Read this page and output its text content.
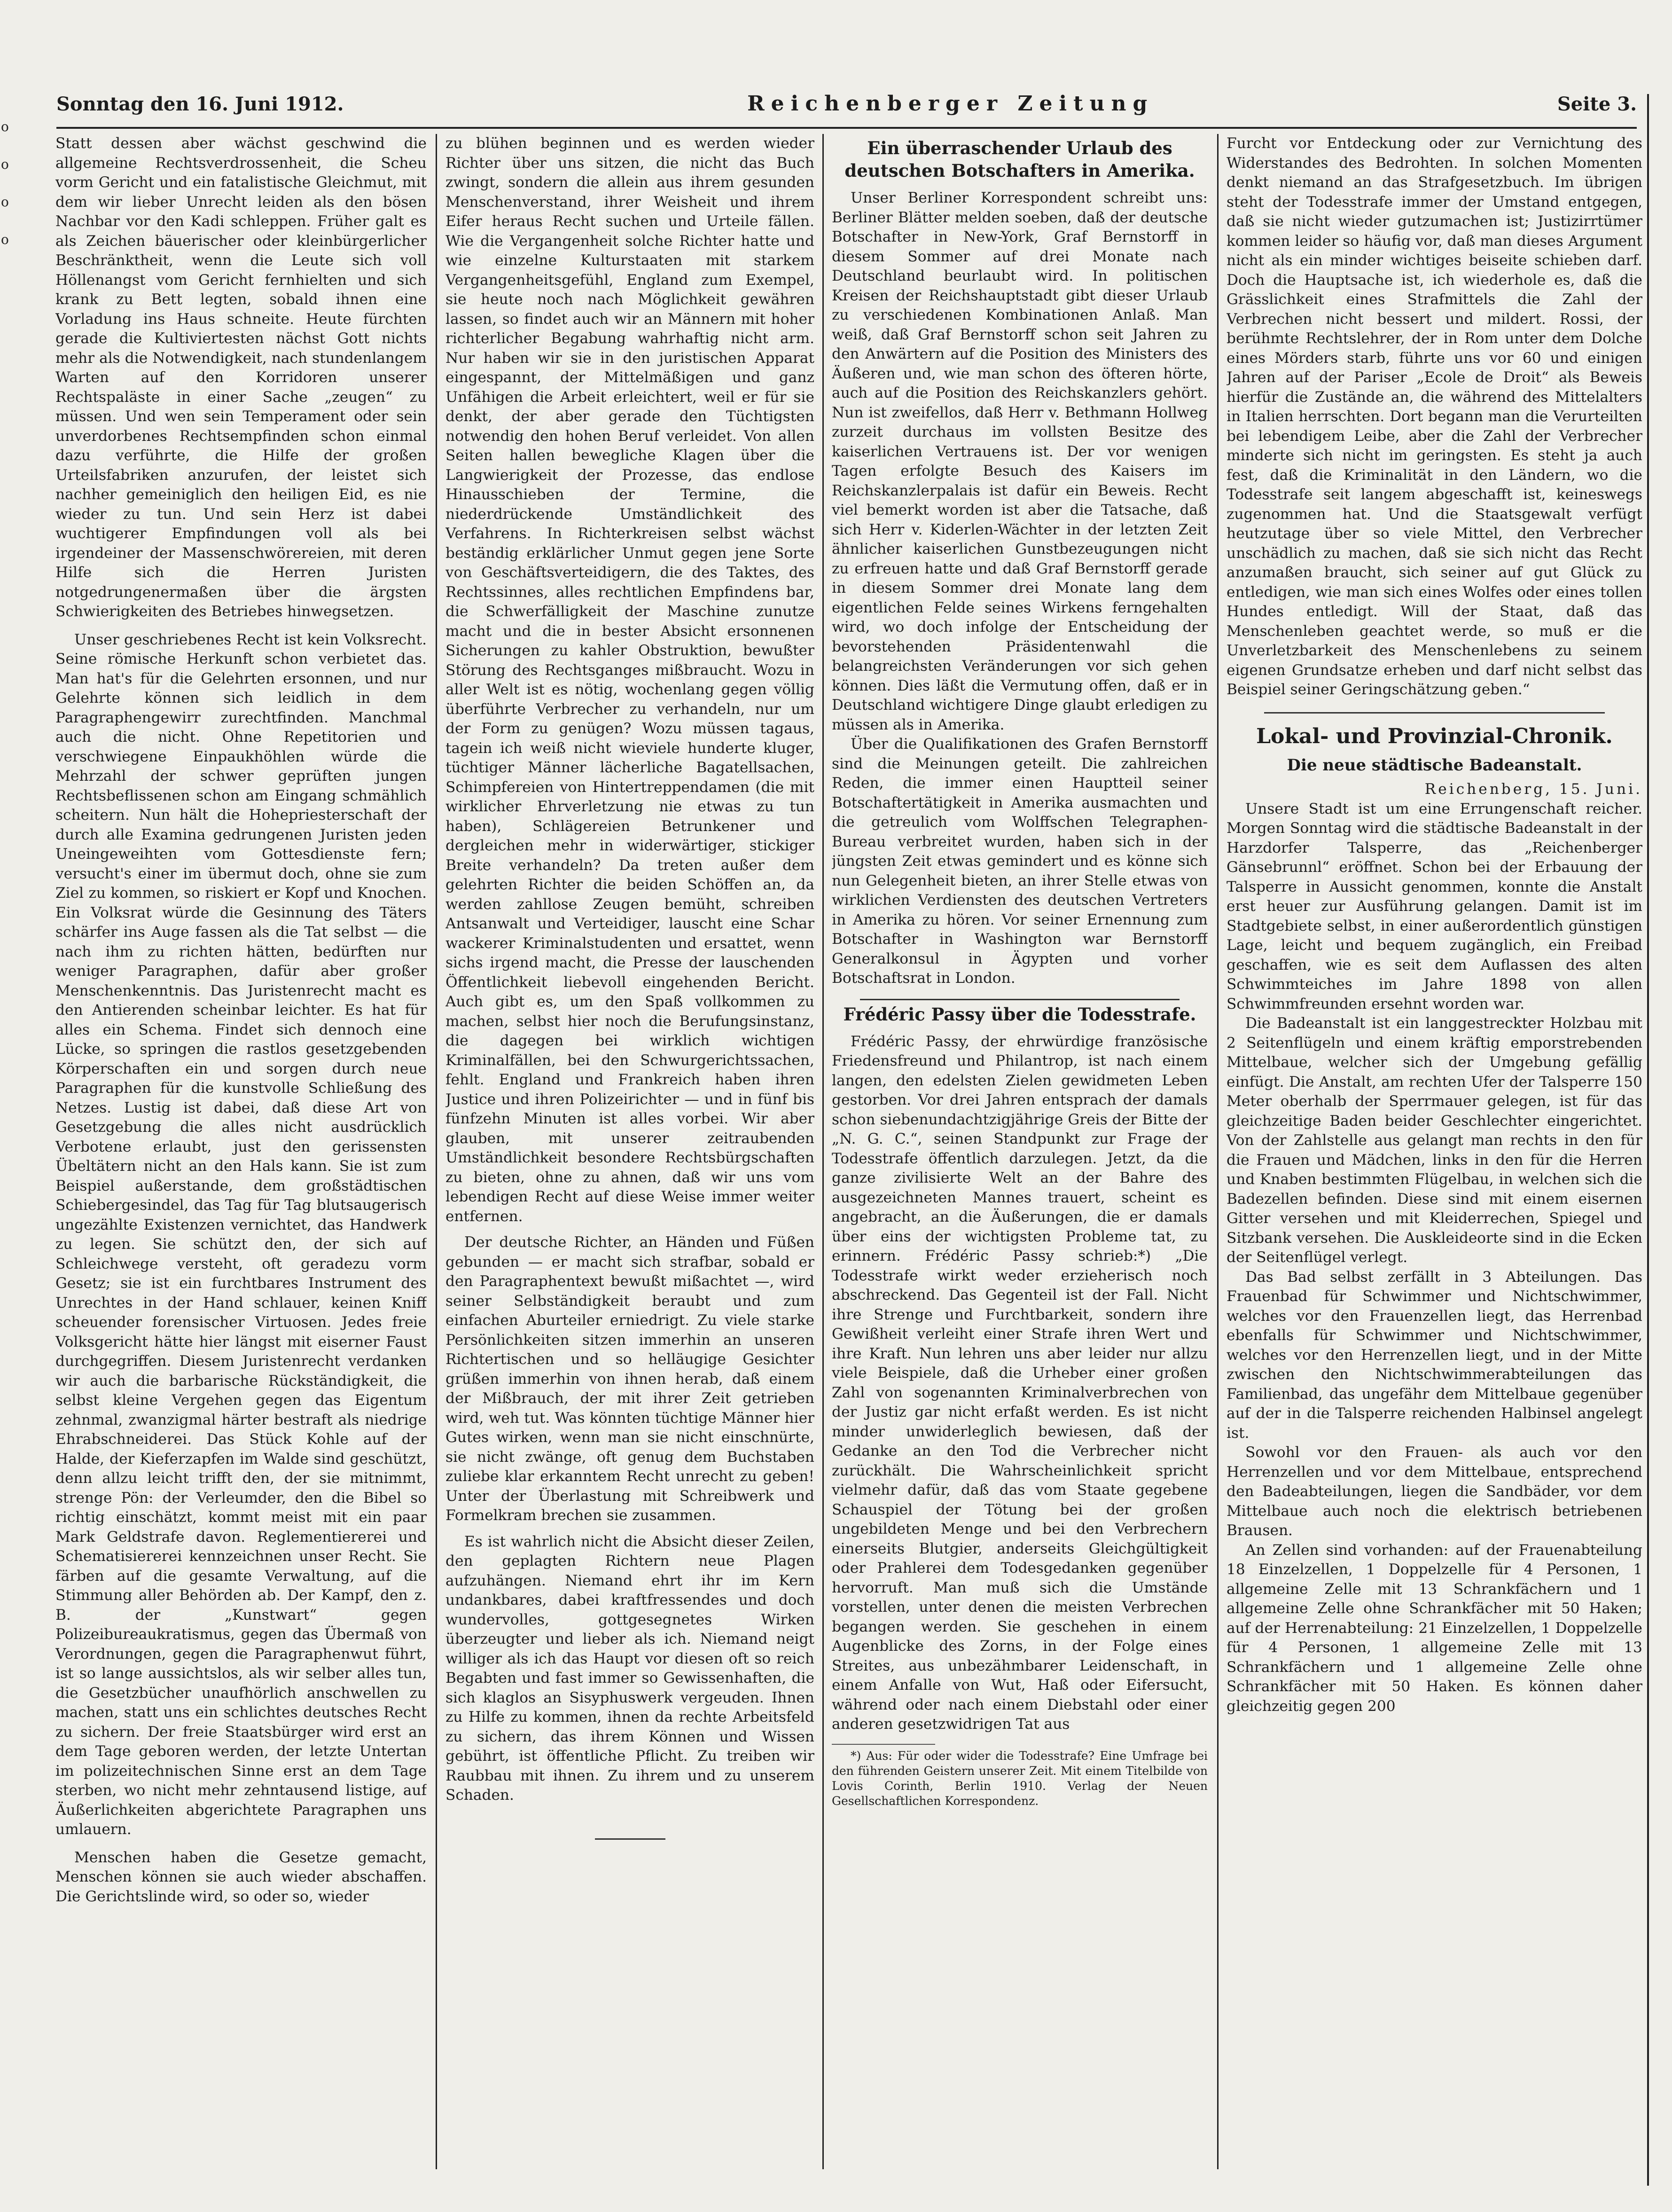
o
o
o
o
Sonntag den 16. Juni 1912.	Reichenberger Zeitung	Seite 3.

Statt dessen aber wächst geschwind die allgemeine Rechtsverdrossenheit, die Scheu vorm Gericht und ein fatalistische Gleichmut, mit dem wir lieber Unrecht leiden als den bösen Nachbar vor den Kadi schleppen. Früher galt es als Zeichen bäuerischer oder kleinbürgerlicher Beschränktheit, wenn die Leute sich voll Höllenangst vom Gericht fernhielten und sich krank zu Bett legten, sobald ihnen eine Vorladung ins Haus schneite. Heute fürchten gerade die Kultiviertesten nächst Gott nichts mehr als die Notwendigkeit, nach stundenlangem Warten auf den Korridoren unserer Rechtspaläste in einer Sache „zeugen“ zu müssen. Und wen sein Temperament oder sein unverdorbenes Rechtsempfinden schon einmal dazu verführte, die Hilfe der großen Urteilsfabriken anzurufen, der leistet sich nachher gemeiniglich den heiligen Eid, es nie wieder zu tun. Und sein Herz ist dabei wuchtigerer Empfindungen voll als bei irgendeiner der Massenschwörereien, mit deren Hilfe sich die Herren Juristen notgedrungenermaßen über die ärgsten Schwierigkeiten des Betriebes hinwegsetzen.

Unser geschriebenes Recht ist kein Volksrecht. Seine römische Herkunft schon verbietet das. Man hat's für die Gelehrten ersonnen, und nur Gelehrte können sich leidlich in dem Paragraphengewirr zurechtfinden. Manchmal auch die nicht. Ohne Repetitorien und verschwiegene Einpaukhöhlen würde die Mehrzahl der schwer geprüften jungen Rechtsbeflissenen schon am Eingang schmählich scheitern. Nun hält die Hohepriesterschaft der durch alle Examina gedrungenen Juristen jeden Uneingeweihten vom Gottesdienste fern; versucht's einer im übermut doch, ohne sie zum Ziel zu kommen, so riskiert er Kopf und Knochen. Ein Volksrat würde die Gesinnung des Täters schärfer ins Auge fassen als die Tat selbst — die nach ihm zu richten hätten, bedürften nur weniger Paragraphen, dafür aber großer Menschenkenntnis. Das Juristenrecht macht es den Antierenden scheinbar leichter. Es hat für alles ein Schema. Findet sich dennoch eine Lücke, so springen die rastlos gesetzgebenden Körperschaften ein und sorgen durch neue Paragraphen für die kunstvolle Schließung des Netzes. Lustig ist dabei, daß diese Art von Gesetzgebung die alles nicht ausdrücklich Verbotene erlaubt, just den gerissensten Übeltätern nicht an den Hals kann. Sie ist zum Beispiel außerstande, dem großstädtischen Schiebergesindel, das Tag für Tag blutsaugerisch ungezählte Existenzen vernichtet, das Handwerk zu legen. Sie schützt den, der sich auf Schleichwege versteht, oft geradezu vorm Gesetz; sie ist ein furchtbares Instrument des Unrechtes in der Hand schlauer, keinen Kniff scheuender forensischer Virtuosen. Jedes freie Volksgericht hätte hier längst mit eiserner Faust durchgegriffen. Diesem Juristenrecht verdanken wir auch die barbarische Rückständigkeit, die selbst kleine Vergehen gegen das Eigentum zehnmal, zwanzigmal härter bestraft als niedrige Ehrabschneiderei. Das Stück Kohle auf der Halde, der Kieferzapfen im Walde sind geschützt, denn allzu leicht trifft den, der sie mitnimmt, strenge Pön: der Verleumder, den die Bibel so richtig einschätzt, kommt meist mit ein paar Mark Geldstrafe davon. Reglementiererei und Schematisiererei kennzeichnen unser Recht. Sie färben auf die gesamte Verwaltung, auf die Stimmung aller Behörden ab. Der Kampf, den z. B. der „Kunstwart“ gegen Polizeibureaukratismus, gegen das Übermaß von Verordnungen, gegen die Paragraphenwut führt, ist so lange aussichtslos, als wir selber alles tun, die Gesetzbücher unaufhörlich anschwellen zu machen, statt uns ein schlichtes deutsches Recht zu sichern. Der freie Staatsbürger wird erst an dem Tage geboren werden, der letzte Untertan im polizeitechnischen Sinne erst an dem Tage sterben, wo nicht mehr zehntausend listige, auf Äußerlichkeiten abgerichtete Paragraphen uns umlauern.

Menschen haben die Gesetze gemacht, Menschen können sie auch wieder abschaffen. Die Gerichtslinde wird, so oder so, wieder

zu blühen beginnen und es werden wieder Richter über uns sitzen, die nicht das Buch zwingt, sondern die allein aus ihrem gesunden Menschenverstand, ihrer Weisheit und ihrem Eifer heraus Recht suchen und Urteile fällen. Wie die Vergangenheit solche Richter hatte und wie einzelne Kulturstaaten mit starkem Vergangenheitsgefühl, England zum Exempel, sie heute noch nach Möglichkeit gewähren lassen, so findet auch wir an Männern mit hoher richterlicher Begabung wahrhaftig nicht arm. Nur haben wir sie in den juristischen Apparat eingespannt, der Mittelmäßigen und ganz Unfähigen die Arbeit erleichtert, weil er für sie denkt, der aber gerade den Tüchtigsten notwendig den hohen Beruf verleidet. Von allen Seiten hallen bewegliche Klagen über die Langwierigkeit der Prozesse, das endlose Hinausschieben der Termine, die niederdrückende Umständlichkeit des Verfahrens. In Richterkreisen selbst wächst beständig erklärlicher Unmut gegen jene Sorte von Geschäftsverteidigern, die des Taktes, des Rechtssinnes, alles rechtlichen Empfindens bar, die Schwerfälligkeit der Maschine zunutze macht und die in bester Absicht ersonnenen Sicherungen zu kahler Obstruktion, bewußter Störung des Rechtsganges mißbraucht. Wozu in aller Welt ist es nötig, wochenlang gegen völlig überführte Verbrecher zu verhandeln, nur um der Form zu genügen? Wozu müssen tagaus, tagein ich weiß nicht wieviele hunderte kluger, tüchtiger Männer lächerliche Bagatellsachen, Schimpfereien von Hintertreppendamen (die mit wirklicher Ehrverletzung nie etwas zu tun haben), Schlägereien Betrunkener und dergleichen mehr in widerwärtiger, stickiger Breite verhandeln? Da treten außer dem gelehrten Richter die beiden Schöffen an, da werden zahllose Zeugen bemüht, schreiben Antsanwalt und Verteidiger, lauscht eine Schar wackerer Kriminalstudenten und ersattet, wenn sichs irgend macht, die Presse der lauschenden Öffentlichkeit liebevoll eingehenden Bericht. Auch gibt es, um den Spaß vollkommen zu machen, selbst hier noch die Berufungsinstanz, die dagegen bei wirklich wichtigen Kriminalfällen, bei den Schwurgerichtssachen, fehlt. England und Frankreich haben ihren Justice und ihren Polizeirichter — und in fünf bis fünfzehn Minuten ist alles vorbei. Wir aber glauben, mit unserer zeitraubenden Umständlichkeit besondere Rechtsbürgschaften zu bieten, ohne zu ahnen, daß wir uns vom lebendigen Recht auf diese Weise immer weiter entfernen.

Der deutsche Richter, an Händen und Füßen gebunden — er macht sich strafbar, sobald er den Paragraphentext bewußt mißachtet —, wird seiner Selbständigkeit beraubt und zum einfachen Aburteiler erniedrigt. Zu viele starke Persönlichkeiten sitzen immerhin an unseren Richtertischen und so helläugige Gesichter grüßen immerhin von ihnen herab, daß einem der Mißbrauch, der mit ihrer Zeit getrieben wird, weh tut. Was könnten tüchtige Männer hier Gutes wirken, wenn man sie nicht einschnürte, sie nicht zwänge, oft genug dem Buchstaben zuliebe klar erkanntem Recht unrecht zu geben! Unter der Überlastung mit Schreibwerk und Formelkram brechen sie zusammen.

Es ist wahrlich nicht die Absicht dieser Zeilen, den geplagten Richtern neue Plagen aufzuhängen. Niemand ehrt ihr im Kern undankbares, dabei kraftfressendes und doch wundervolles, gottgesegnetes Wirken überzeugter und lieber als ich. Niemand neigt williger als ich das Haupt vor diesen oft so reich Begabten und fast immer so Gewissenhaften, die sich klaglos an Sisyphuswerk vergeuden. Ihnen zu Hilfe zu kommen, ihnen da rechte Arbeitsfeld zu sichern, das ihrem Können und Wissen gebührt, ist öffentliche Pflicht. Zu treiben wir Raubbau mit ihnen. Zu ihrem und zu unserem Schaden.

Ein überraschender Urlaub des deutschen Botschafters in Amerika.

Unser Berliner Korrespondent schreibt uns: Berliner Blätter melden soeben, daß der deutsche Botschafter in New-York, Graf Bernstorff in diesem Sommer auf drei Monate nach Deutschland beurlaubt wird. In politischen Kreisen der Reichshauptstadt gibt dieser Urlaub zu verschiedenen Kombinationen Anlaß. Man weiß, daß Graf Bernstorff schon seit Jahren zu den Anwärtern auf die Position des Ministers des Äußeren und, wie man schon des öfteren hörte, auch auf die Position des Reichskanzlers gehört. Nun ist zweifellos, daß Herr v. Bethmann Hollweg zurzeit durchaus im vollsten Besitze des kaiserlichen Vertrauens ist. Der vor wenigen Tagen erfolgte Besuch des Kaisers im Reichskanzlerpalais ist dafür ein Beweis. Recht viel bemerkt worden ist aber die Tatsache, daß sich Herr v. Kiderlen-Wächter in der letzten Zeit ähnlicher kaiserlichen Gunstbezeugungen nicht zu erfreuen hatte und daß Graf Bernstorff gerade in diesem Sommer drei Monate lang dem eigentlichen Felde seines Wirkens ferngehalten wird, wo doch infolge der Entscheidung der bevorstehenden Präsidentenwahl die belangreichsten Veränderungen vor sich gehen können. Dies läßt die Vermutung offen, daß er in Deutschland wichtigere Dinge glaubt erledigen zu müssen als in Amerika.

Über die Qualifikationen des Grafen Bernstorff sind die Meinungen geteilt. Die zahlreichen Reden, die immer einen Hauptteil seiner Botschaftertätigkeit in Amerika ausmachten und die getreulich vom Wolffschen Telegraphen-Bureau verbreitet wurden, haben sich in der jüngsten Zeit etwas gemindert und es könne sich nun Gelegenheit bieten, an ihrer Stelle etwas von wirklichen Verdiensten des deutschen Vertreters in Amerika zu hören. Vor seiner Ernennung zum Botschafter in Washington war Bernstorff Generalkonsul in Ägypten und vorher Botschaftsrat in London.

Frédéric Passy über die Todesstrafe.

Frédéric Passy, der ehrwürdige französische Friedensfreund und Philantrop, ist nach einem langen, den edelsten Zielen gewidmeten Leben gestorben. Vor drei Jahren entsprach der damals schon siebenundachtzigjährige Greis der Bitte der „N. G. C.“, seinen Standpunkt zur Frage der Todesstrafe öffentlich darzulegen. Jetzt, da die ganze zivilisierte Welt an der Bahre des ausgezeichneten Mannes trauert, scheint es angebracht, an die Äußerungen, die er damals über eins der wichtigsten Probleme tat, zu erinnern. Frédéric Passy schrieb:*) „Die Todesstrafe wirkt weder erzieherisch noch abschreckend. Das Gegenteil ist der Fall. Nicht ihre Strenge und Furchtbarkeit, sondern ihre Gewißheit verleiht einer Strafe ihren Wert und ihre Kraft. Nun lehren uns aber leider nur allzu viele Beispiele, daß die Urheber einer großen Zahl von sogenannten Kriminalverbrechen von der Justiz gar nicht erfaßt werden. Es ist nicht minder unwiderleglich bewiesen, daß der Gedanke an den Tod die Verbrecher nicht zurückhält. Die Wahrscheinlichkeit spricht vielmehr dafür, daß das vom Staate gegebene Schauspiel der Tötung bei der großen ungebildeten Menge und bei den Verbrechern einerseits Blutgier, anderseits Gleichgültigkeit oder Prahlerei dem Todesgedanken gegenüber hervorruft. Man muß sich die Umstände vorstellen, unter denen die meisten Verbrechen begangen werden. Sie geschehen in einem Augenblicke des Zorns, in der Folge eines Streites, aus unbezähmbarer Leidenschaft, in einem Anfalle von Wut, Haß oder Eifersucht, während oder nach einem Diebstahl oder einer anderen gesetzwidrigen Tat aus

*) Aus: Für oder wider die Todesstrafe? Eine Umfrage bei den führenden Geistern unserer Zeit. Mit einem Titelbilde von Lovis Corinth, Berlin 1910. Verlag der Neuen Gesellschaftlichen Korrespondenz.

Furcht vor Entdeckung oder zur Vernichtung des Widerstandes des Bedrohten. In solchen Momenten denkt niemand an das Strafgesetzbuch. Im übrigen steht der Todesstrafe immer der Umstand entgegen, daß sie nicht wieder gutzumachen ist; Justizirrtümer kommen leider so häufig vor, daß man dieses Argument nicht als ein minder wichtiges beiseite schieben darf. Doch die Hauptsache ist, ich wiederhole es, daß die Grässlichkeit eines Strafmittels die Zahl der Verbrechen nicht bessert und mildert. Rossi, der berühmte Rechtslehrer, der in Rom unter dem Dolche eines Mörders starb, führte uns vor 60 und einigen Jahren auf der Pariser „Ecole de Droit“ als Beweis hierfür die Zustände an, die während des Mittelalters in Italien herrschten. Dort begann man die Verurteilten bei lebendigem Leibe, aber die Zahl der Verbrecher minderte sich nicht im geringsten. Es steht ja auch fest, daß die Kriminalität in den Ländern, wo die Todesstrafe seit langem abgeschafft ist, keineswegs zugenommen hat. Und die Staatsgewalt verfügt heutzutage über so viele Mittel, den Verbrecher unschädlich zu machen, daß sie sich nicht das Recht anzumaßen braucht, sich seiner auf gut Glück zu entledigen, wie man sich eines Wolfes oder eines tollen Hundes entledigt. Will der Staat, daß das Menschenleben geachtet werde, so muß er die Unverletzbarkeit des Menschenlebens zu seinem eigenen Grundsatze erheben und darf nicht selbst das Beispiel seiner Geringschätzung geben.“

Lokal- und Provinzial-Chronik.

Die neue städtische Badeanstalt.

Reichenberg, 15. Juni.

Unsere Stadt ist um eine Errungenschaft reicher. Morgen Sonntag wird die städtische Badeanstalt in der Harzdorfer Talsperre, das „Reichenberger Gänsebrunnl“ eröffnet. Schon bei der Erbauung der Talsperre in Aussicht genommen, konnte die Anstalt erst heuer zur Ausführung gelangen. Damit ist im Stadtgebiete selbst, in einer außerordentlich günstigen Lage, leicht und bequem zugänglich, ein Freibad geschaffen, wie es seit dem Auflassen des alten Schwimmteiches im Jahre 1898 von allen Schwimmfreunden ersehnt worden war.

Die Badeanstalt ist ein langgestreckter Holzbau mit 2 Seitenflügeln und einem kräftig emporstrebenden Mittelbaue, welcher sich der Umgebung gefällig einfügt. Die Anstalt, am rechten Ufer der Talsperre 150 Meter oberhalb der Sperrmauer gelegen, ist für das gleichzeitige Baden beider Geschlechter eingerichtet. Von der Zahlstelle aus gelangt man rechts in den für die Frauen und Mädchen, links in den für die Herren und Knaben bestimmten Flügelbau, in welchen sich die Badezellen befinden. Diese sind mit einem eisernen Gitter versehen und mit Kleiderrechen, Spiegel und Sitzbank versehen. Die Auskleideorte sind in die Ecken der Seitenflügel verlegt.

Das Bad selbst zerfällt in 3 Abteilungen. Das Frauenbad für Schwimmer und Nichtschwimmer, welches vor den Frauenzellen liegt, das Herrenbad ebenfalls für Schwimmer und Nichtschwimmer, welches vor den Herrenzellen liegt, und in der Mitte zwischen den Nichtschwimmerabteilungen das Familienbad, das ungefähr dem Mittelbaue gegenüber auf der in die Talsperre reichenden Halbinsel angelegt ist.

Sowohl vor den Frauen- als auch vor den Herrenzellen und vor dem Mittelbaue, entsprechend den Badeabteilungen, liegen die Sandbäder, vor dem Mittelbaue auch noch die elektrisch betriebenen Brausen.

An Zellen sind vorhanden: auf der Frauenabteilung 18 Einzelzellen, 1 Doppelzelle für 4 Personen, 1 allgemeine Zelle mit 13 Schrankfächern und 1 allgemeine Zelle ohne Schrankfächer mit 50 Haken; auf der Herrenabteilung: 21 Einzelzellen, 1 Doppelzelle für 4 Personen, 1 allgemeine Zelle mit 13 Schrankfächern und 1 allgemeine Zelle ohne Schrankfächer mit 50 Haken. Es können daher gleichzeitig gegen 200
